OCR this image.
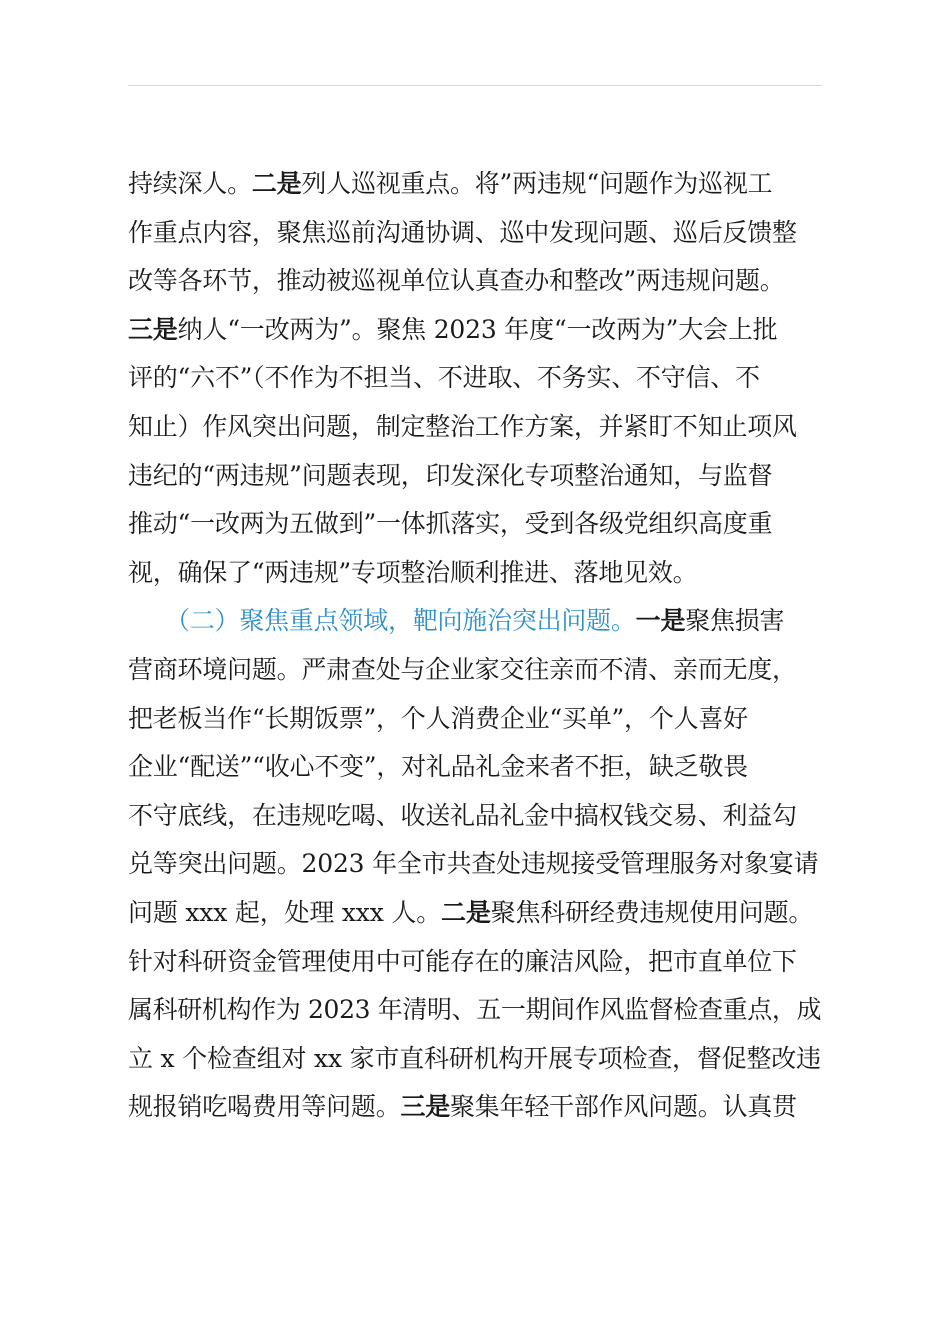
持续深人。二是列人巡视重点。将”两违规“问题作为巡视工
作重点内容，聚焦巡前沟通协调、巡中发现问题、巡后反馈整
改等各环节，推动被巡视单位认真查办和整改”两违规问题。
三是纳人“一改两为”。聚焦 2023 年度“一改两为”大会上批
评的“六不”（不作为不担当、不进取、不务实、不守信、不
知止）作风突出问题，制定整治工作方案，并紧盯不知止项风
违纪的“两违规”问题表现，印发深化专项整治通知，与监督
推动“一改两为五做到”一体抓落实，受到各级党组织高度重
视，确保了“两违规”专项整治顺利推进、落地见效。
　　（二）聚焦重点领域，靶向施治突出问题。一是聚焦损害
营商环境问题。严肃查处与企业家交往亲而不清、亲而无度，
把老板当作“长期饭票”，个人消费企业“买单”，个人喜好
企业“配送”“收心不变”，对礼品礼金来者不拒，缺乏敬畏
不守底线，在违规吃喝、收送礼品礼金中搞权钱交易、利益勾
兑等突出问题。2023 年全市共查处违规接受管理服务对象宴请
问题 xxx 起，处理 xxx 人。二是聚焦科研经费违规使用问题。
针对科研资金管理使用中可能存在的廉洁风险，把市直单位下
属科研机构作为 2023 年清明、五一期间作风监督检查重点，成
立 x 个检查组对 xx 家市直科研机构开展专项检查，督促整改违
规报销吃喝费用等问题。三是聚集年轻干部作风问题。认真贯
